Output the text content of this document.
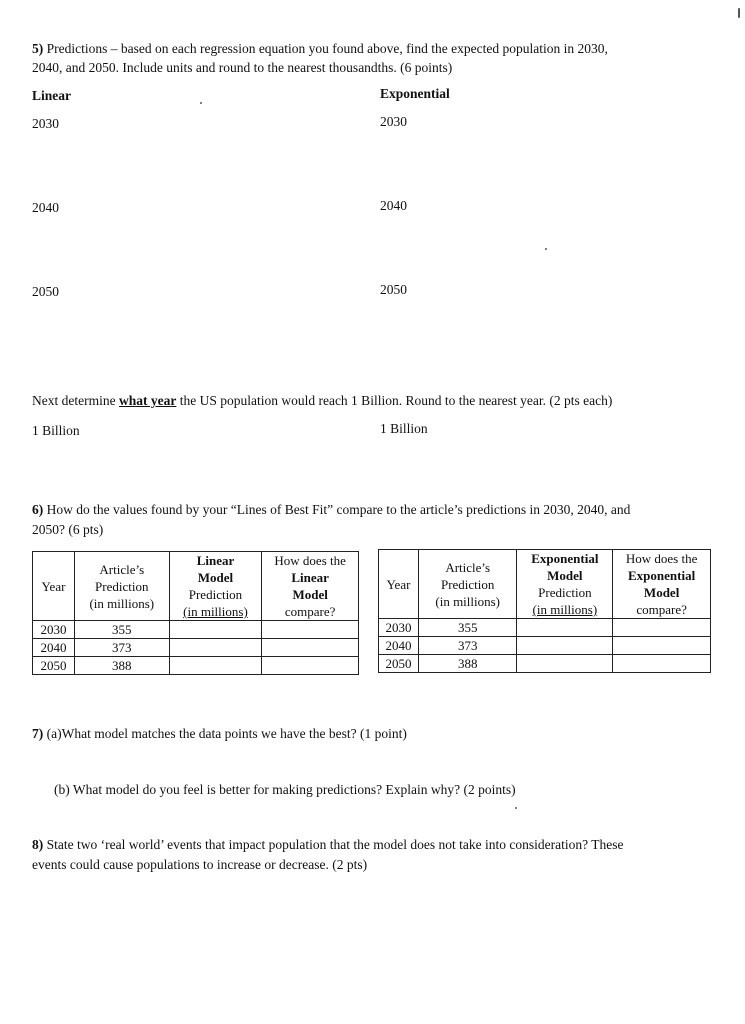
5) Predictions – based on each regression equation you found above, find the expected population in 2030,
2040, and 2050. Include units and round to the nearest thousandths. (6 points)
Linear	Exponential
2030	2030
2040	2040
2050	2050
Next determine what year the US population would reach 1 Billion. Round to the nearest year. (2 pts each)
1 Billion	1 Billion
6) How do the values found by your “Lines of Best Fit” compare to the article’s predictions in 2030, 2040, and
2050? (6 pts)
Year	Article’s
Prediction
(in millions)	Linear
Model
Prediction
(in millions)	How does the
Linear
Model
compare?

2030	355		
2040	373		
2050	388		
Year	Article’s
Prediction
(in millions)	Exponential
Model
Prediction
(in millions)	How does the
Exponential
Model
compare?

2030	355		
2040	373		
2050	388		
7) (a)What model matches the data points we have the best? (1 point)
(b) What model do you feel is better for making predictions? Explain why? (2 points)
8) State two ‘real world’ events that impact population that the model does not take into consideration? These
events could cause populations to increase or decrease. (2 pts)
